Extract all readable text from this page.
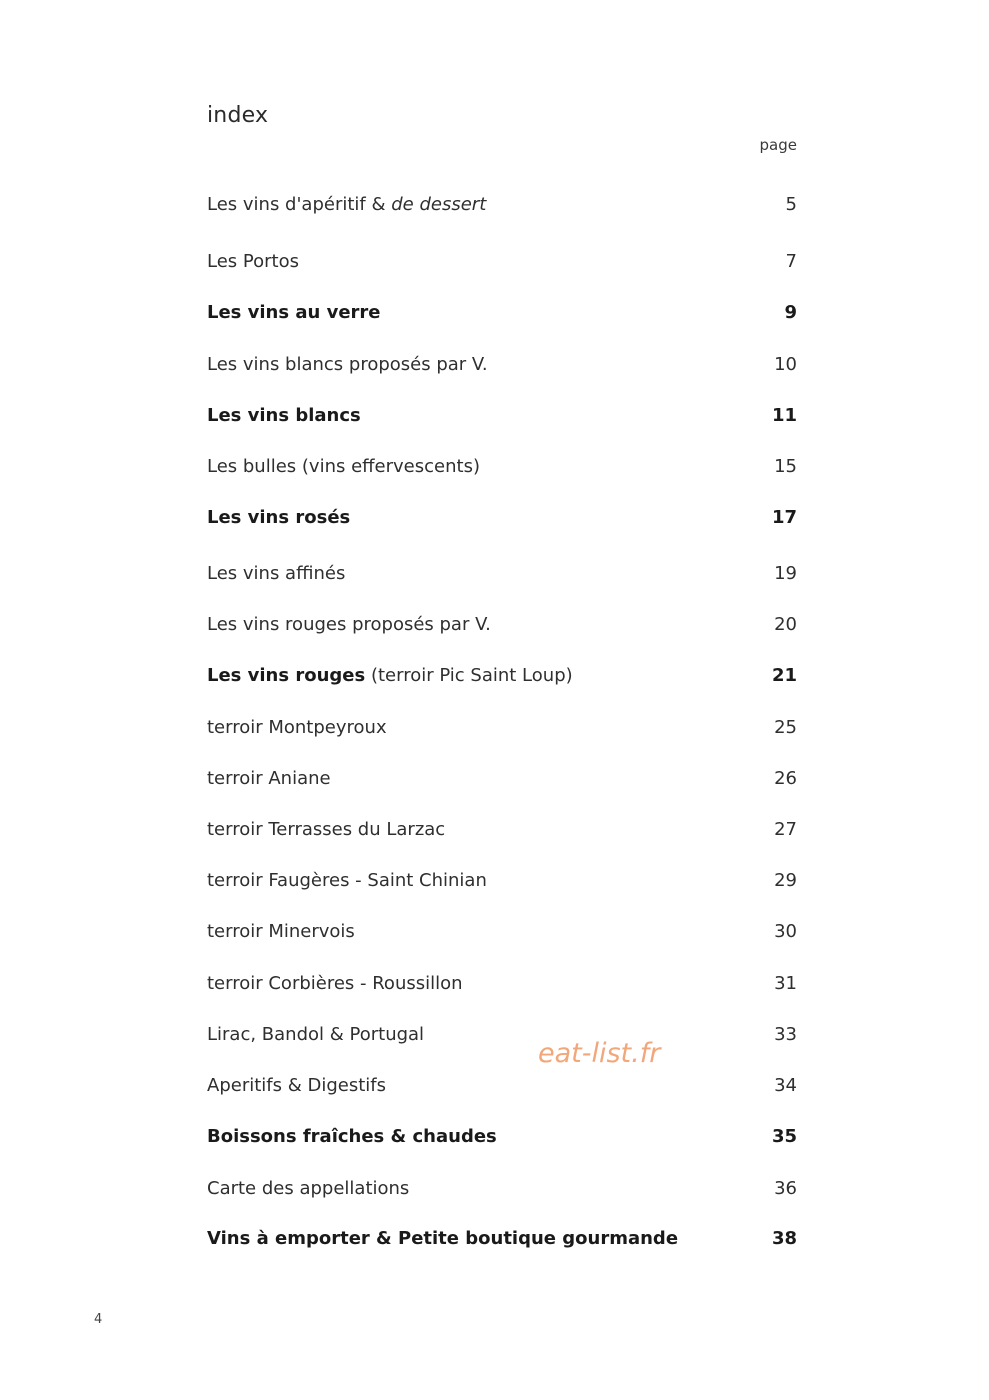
index
page
Les vins d'apéritif & de dessert	5
Les Portos	7
Les vins au verre	9
Les vins blancs proposés par V.	10
Les vins blancs	11
Les bulles (vins effervescents)	15
Les vins rosés	17
Les vins affinés	19
Les vins rouges proposés par V.	20
Les vins rouges (terroir Pic Saint Loup)	21
terroir Montpeyroux	25
terroir Aniane	26
terroir Terrasses du Larzac	27
terroir Faugères - Saint Chinian	29
terroir Minervois	30
terroir Corbières - Roussillon	31
Lirac, Bandol & Portugal	33
Aperitifs & Digestifs	34
Boissons fraîches & chaudes	35
Carte des appellations	36
Vins à emporter & Petite boutique gourmande	38
eat-list.fr
4
